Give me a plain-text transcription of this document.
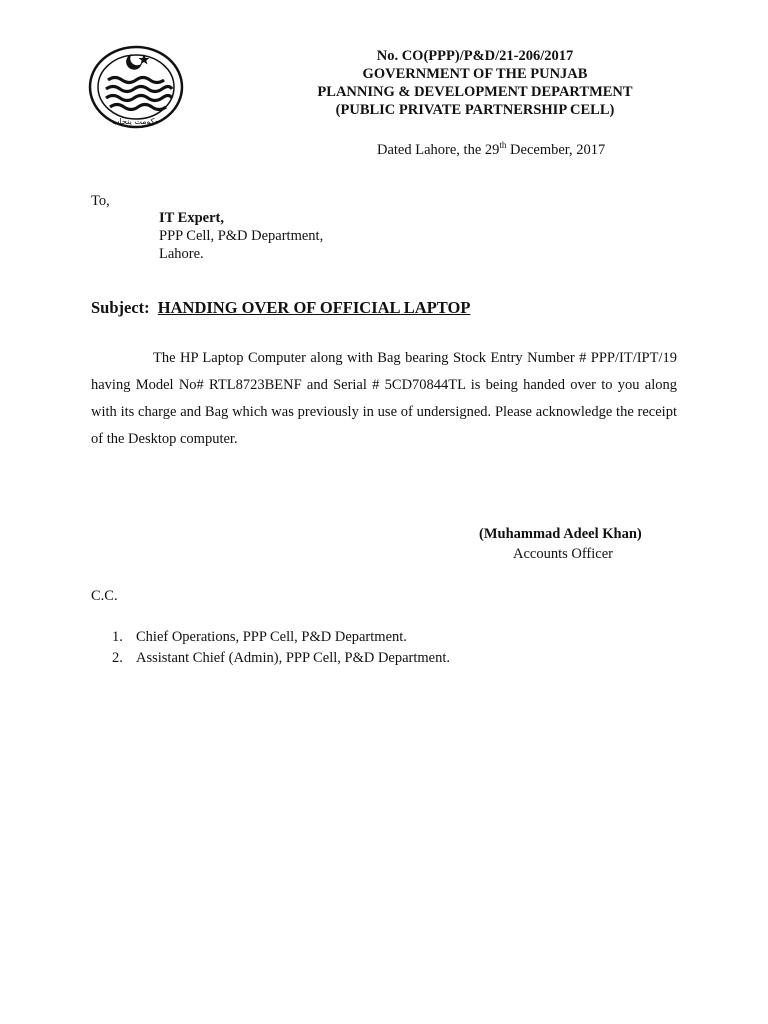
حکومت پنجاب
No. CO(PPP)/P&D/21-206/2017
GOVERNMENT OF THE PUNJAB
PLANNING & DEVELOPMENT DEPARTMENT
(PUBLIC PRIVATE PARTNERSHIP CELL)
Dated Lahore, the 29th December, 2017
To,
IT Expert,
PPP Cell, P&D Department,
Lahore.
Subject: HANDING OVER OF OFFICIAL LAPTOP
The HP Laptop Computer along with Bag bearing Stock Entry Number # PPP/IT/IPT/19 having Model No# RTL8723BENF and Serial # 5CD70844TL is being handed over to you along with its charge and Bag which was previously in use of undersigned. Please acknowledge the receipt of the Desktop computer.
(Muhammad Adeel Khan)
Accounts Officer
C.C.
1. Chief Operations, PPP Cell, P&D Department.
2. Assistant Chief (Admin), PPP Cell, P&D Department.
